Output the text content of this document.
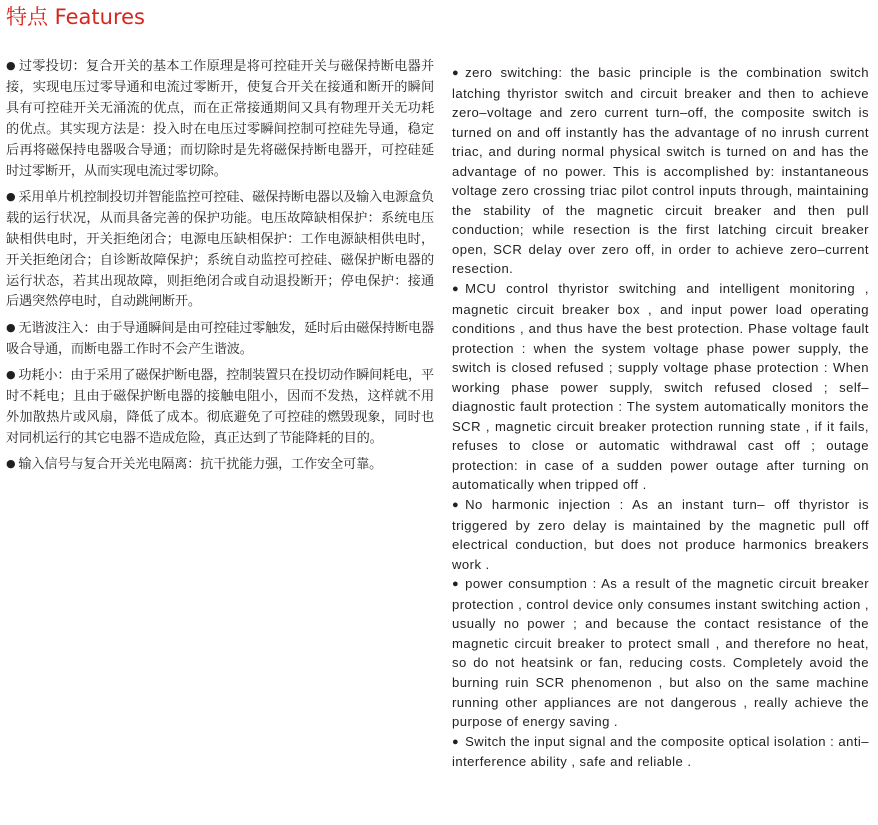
特点 Features

● 过零投切：复合开关的基本工作原理是将可控硅开关与磁保持断电器并接，实现电压过零导通和电流过零断开，使复合开关在接通和断开的瞬间具有可控硅开关无涌流的优点，而在正常接通期间又具有物理开关无功耗的优点。其实现方法是：投入时在电压过零瞬间控制可控硅先导通，稳定后再将磁保持电器吸合导通；而切除时是先将磁保持断电器开，可控硅延时过零断开，从而实现电流过零切除。

● 采用单片机控制投切并智能监控可控硅、磁保持断电器以及输入电源盒负载的运行状况，从而具备完善的保护功能。电压故障缺相保护：系统电压缺相供电时，开关拒绝闭合；电源电压缺相保护：工作电源缺相供电时，开关拒绝闭合；自诊断故障保护；系统自动监控可控硅、磁保护断电器的运行状态，若其出现故障，则拒绝闭合或自动退投断开；停电保护：接通后遇突然停电时，自动跳闸断开。

● 无谐波注入：由于导通瞬间是由可控硅过零触发，延时后由磁保持断电器吸合导通，而断电器工作时不会产生谐波。

● 功耗小：由于采用了磁保护断电器，控制装置只在投切动作瞬间耗电，平时不耗电；且由于磁保护断电器的接触电阻小，因而不发热，这样就不用外加散热片或风扇，降低了成本。彻底避免了可控硅的燃毁现象，同时也对同机运行的其它电器不造成危险，真正达到了节能降耗的目的。

● 输入信号与复合开关光电隔离：抗干扰能力强，工作安全可靠。

● zero switching: the basic principle is the combination switch latching thyristor switch and circuit breaker and then to achieve zero–voltage and zero current turn–off, the composite switch is turned on and off instantly has the advantage of no inrush current triac, and during normal physical switch is turned on and has the advantage of no power. This is accomplished by: instantaneous voltage zero crossing triac pilot control inputs through, maintaining the stability of the magnetic circuit breaker and then pull conduction; while resection is the first latching circuit breaker open, SCR delay over zero off, in order to achieve zero–current resection.

● MCU control thyristor switching and intelligent monitoring , magnetic circuit breaker box , and input power load operating conditions , and thus have the best protection. Phase voltage fault protection : when the system voltage phase power supply, the switch is closed refused ; supply voltage phase protection : When working phase power supply, switch refused closed ; self–diagnostic fault protection : The system automatically monitors the SCR , magnetic circuit breaker protection running state , if it fails, refuses to close or automatic withdrawal cast off ; outage protection: in case of a sudden power outage after turning on automatically when tripped off .

● No harmonic injection : As an instant turn– off thyristor is triggered by zero delay is maintained by the magnetic pull off electrical conduction, but does not produce harmonics breakers work .

● power consumption : As a result of the magnetic circuit breaker protection , control device only consumes instant switching action , usually no power ; and because the contact resistance of the magnetic circuit breaker to protect small , and therefore no heat, so do not heatsink or fan, reducing costs. Completely avoid the burning ruin SCR phenomenon , but also on the same machine running other appliances are not dangerous , really achieve the purpose of energy saving .

● Switch the input signal and the composite optical isolation : anti–interference ability , safe and reliable .
